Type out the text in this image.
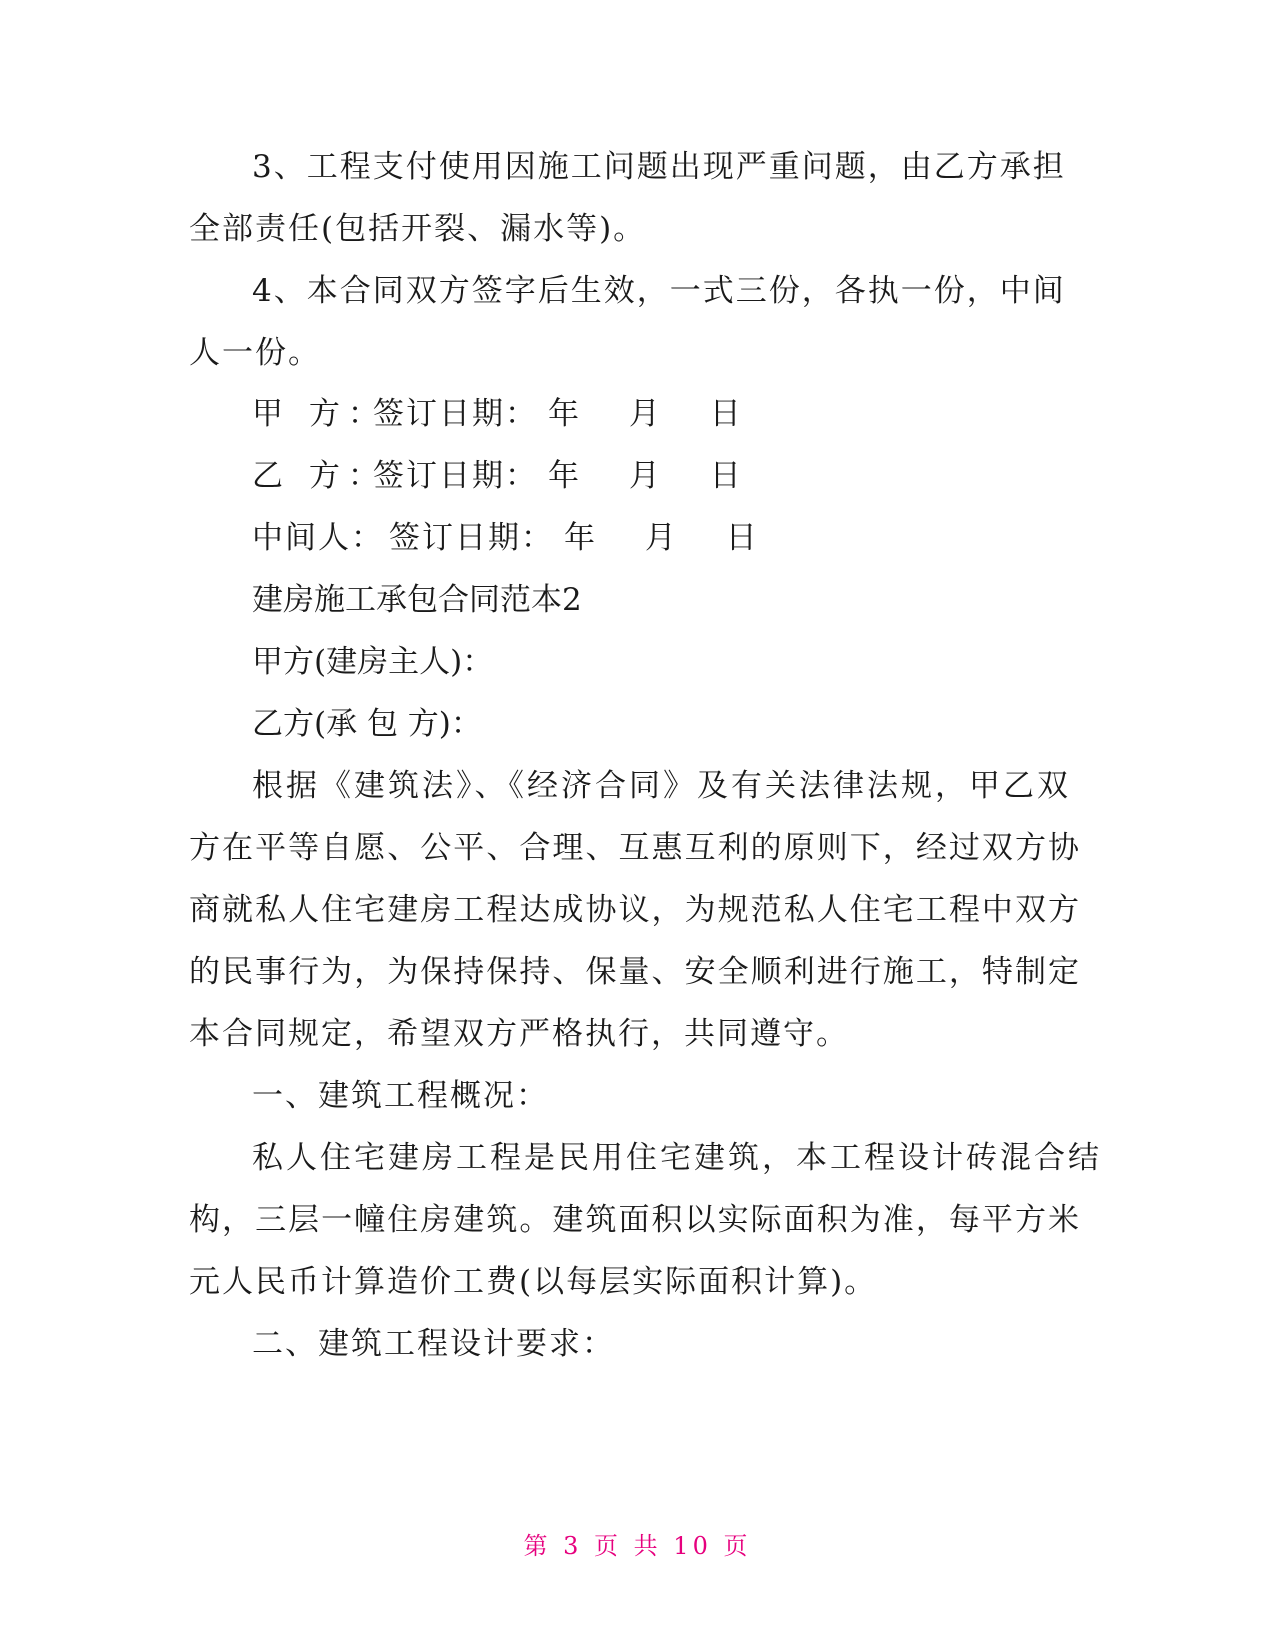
3、工程支付使用因施工问题出现严重问题，由乙方承担
全部责任(包括开裂、漏水等)。
4、本合同双方签字后生效，一式三份，各执一份，中间
人一份。
甲 方：
签订日期： 年 月 日
乙 方：
签订日期： 年 月 日
中间人： 签订日期： 年 月 日
建房施工承包合同范本2
甲方(建房主人)：
乙方(承 包 方)：
根据《建筑法》、《经济合同》及有关法律法规，甲乙双
方在平等自愿、公平、合理、互惠互利的原则下，经过双方协
商就私人住宅建房工程达成协议，为规范私人住宅工程中双方
的民事行为，为保持保持、保量、安全顺利进行施工，特制定
本合同规定，希望双方严格执行，共同遵守。
一、建筑工程概况：
私人住宅建房工程是民用住宅建筑，本工程设计砖混合结
构，三层一幢住房建筑。建筑面积以实际面积为准，每平方米
元人民币计算造价工费(以每层实际面积计算)。
二、建筑工程设计要求：
第 3 页 共 10 页
